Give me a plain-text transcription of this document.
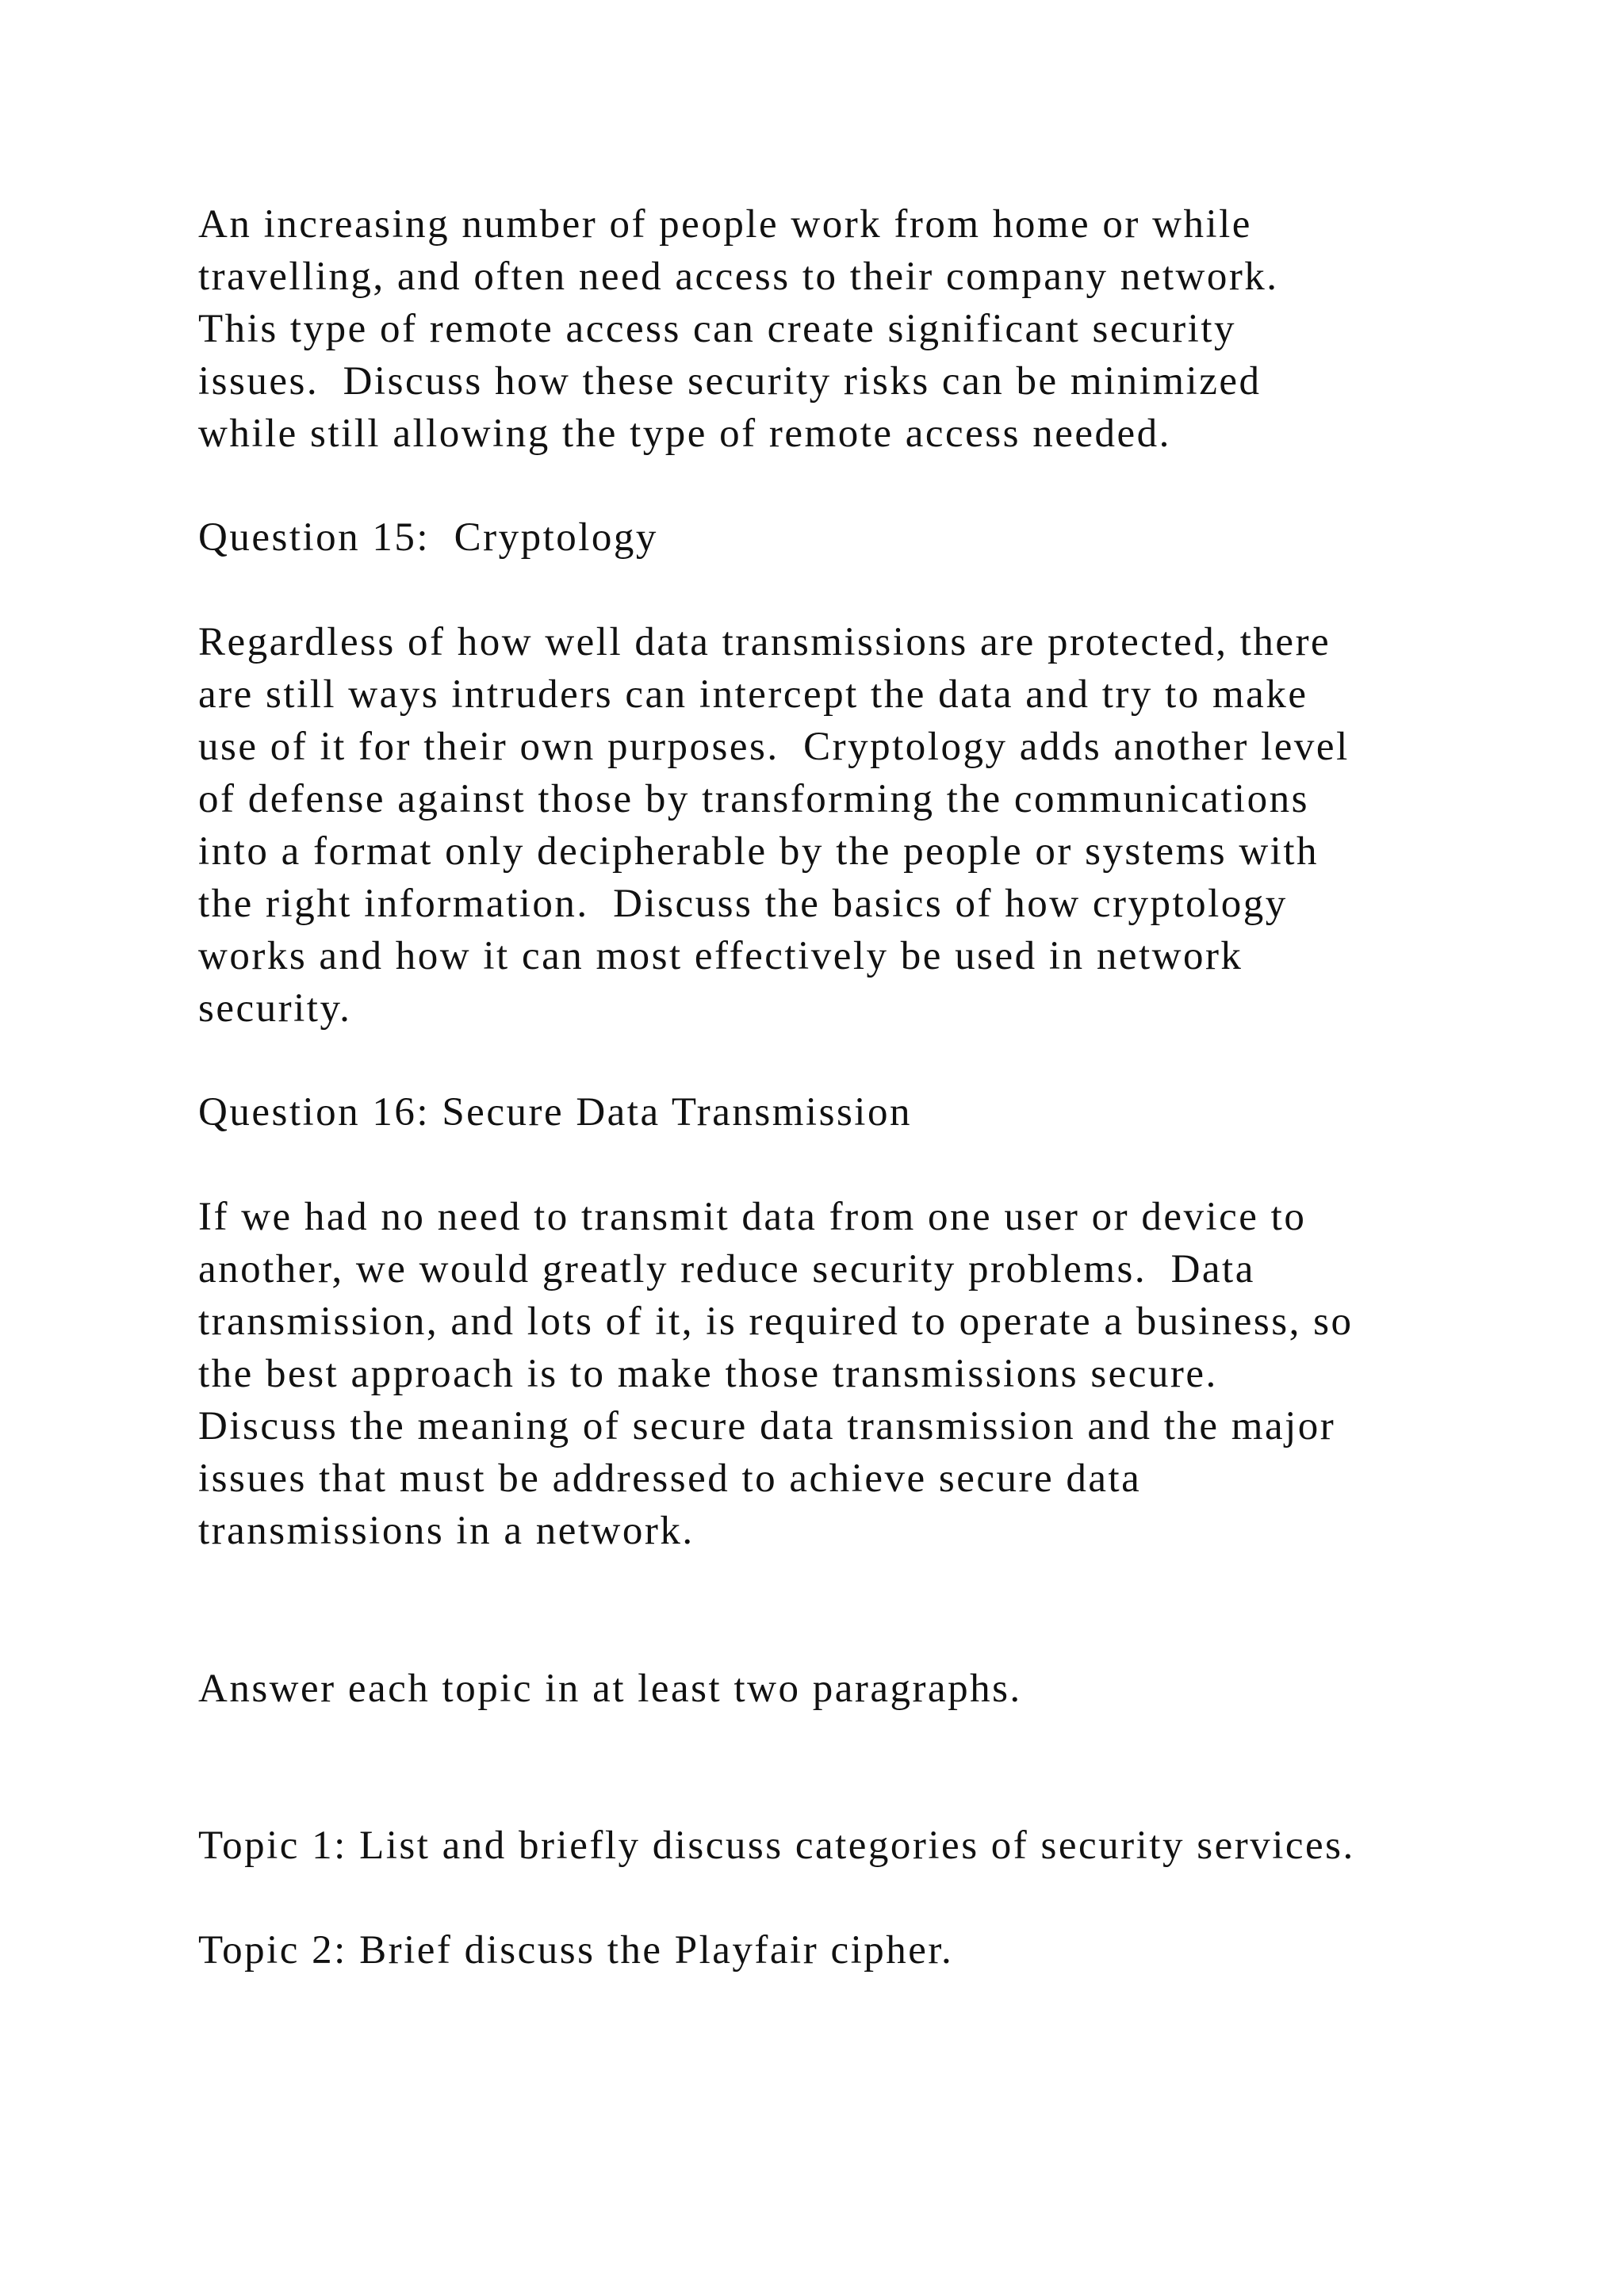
An increasing number of people work from home or while

travelling, and often need access to their company network.

This type of remote access can create significant security

issues.  Discuss how these security risks can be minimized

while still allowing the type of remote access needed.

Question 15:  Cryptology

Regardless of how well data transmissions are protected, there

are still ways intruders can intercept the data and try to make

use of it for their own purposes.  Cryptology adds another level

of defense against those by transforming the communications

into a format only decipherable by the people or systems with

the right information.  Discuss the basics of how cryptology

works and how it can most effectively be used in network

security.

Question 16: Secure Data Transmission

If we had no need to transmit data from one user or device to

another, we would greatly reduce security problems.  Data

transmission, and lots of it, is required to operate a business, so

the best approach is to make those transmissions secure.

Discuss the meaning of secure data transmission and the major

issues that must be addressed to achieve secure data

transmissions in a network.

Answer each topic in at least two paragraphs.

Topic 1: List and briefly discuss categories of security services.

Topic 2: Brief discuss the Playfair cipher.
